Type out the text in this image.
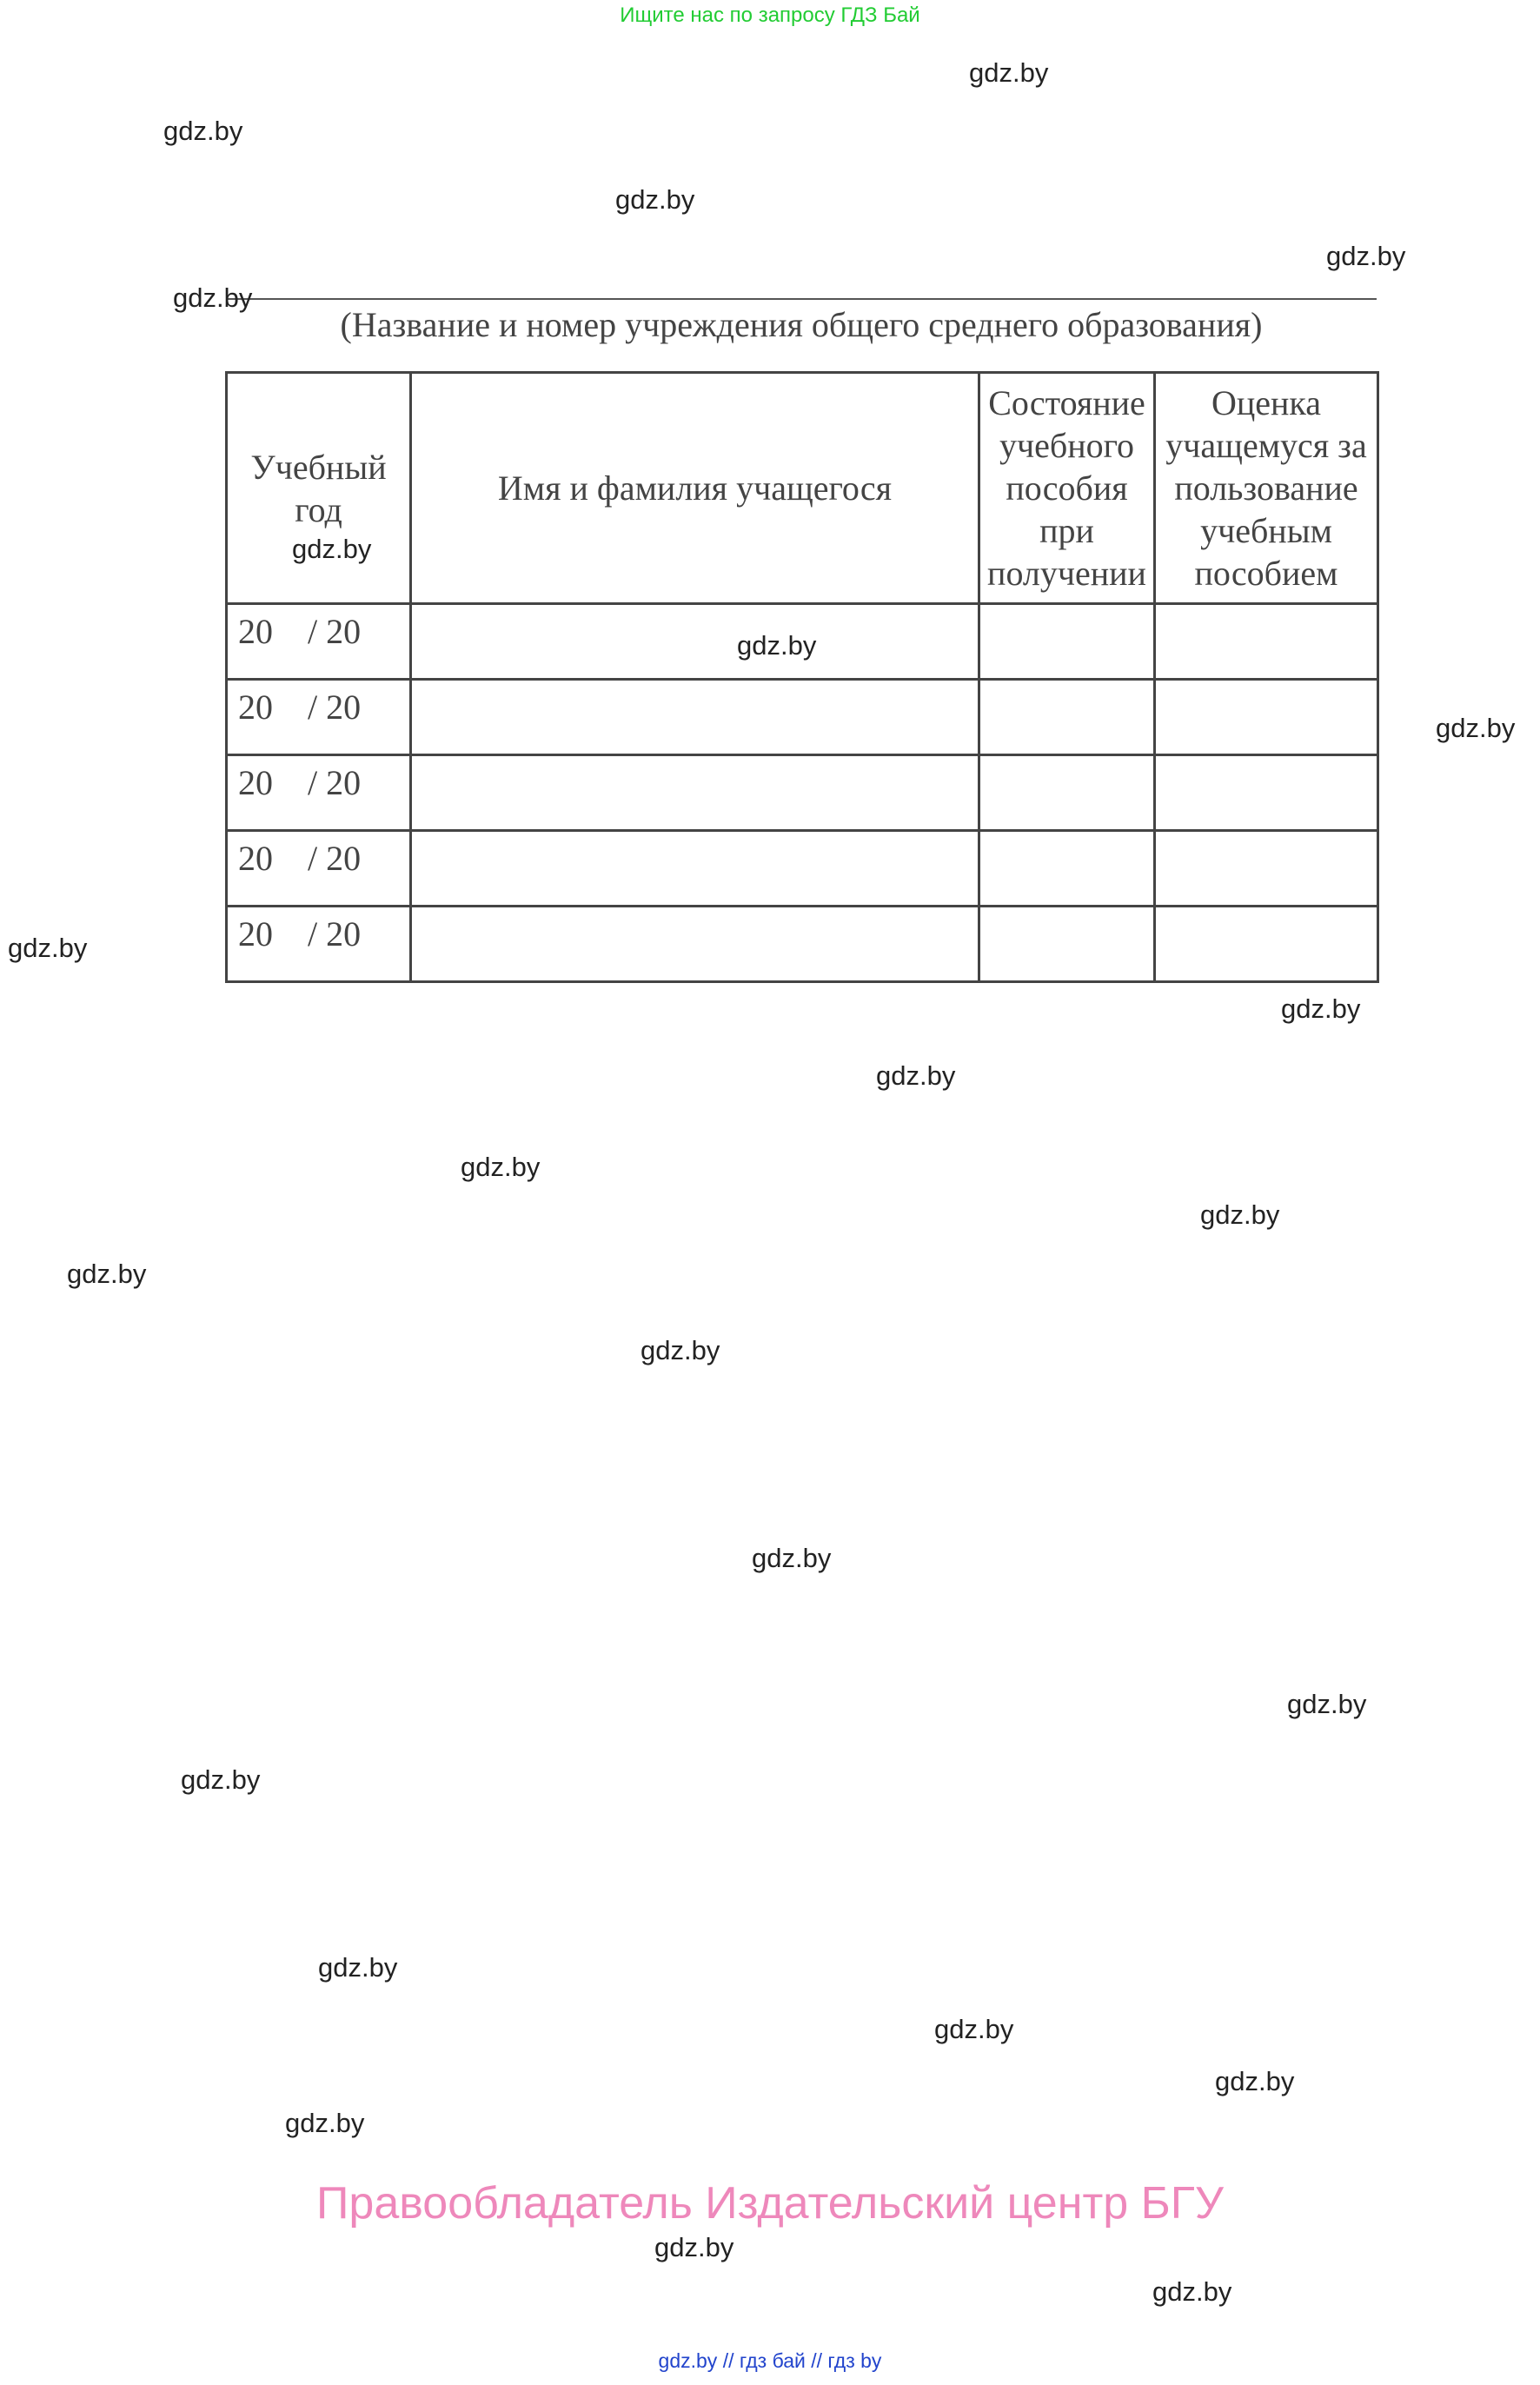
Ищите нас по запросу ГДЗ Бай
(Название и номер учреждения общего среднего образования)
Учебный год	Имя и фамилия учащегося	Состояние учебного пособия при получении	Оценка учащемуся за пользование учебным пособием
20    / 20			
20    / 20			
20    / 20			
20    / 20			
20    / 20			
gdz.by
gdz.by
gdz.by
gdz.by
gdz.by
gdz.by
gdz.by
gdz.by
gdz.by
gdz.by
gdz.by
gdz.by
gdz.by
gdz.by
gdz.by
gdz.by
gdz.by
gdz.by
gdz.by
gdz.by
gdz.by
gdz.by
gdz.by
gdz.by
Правообладатель Издательский центр БГУ
gdz.by // гдз бай // гдз by
